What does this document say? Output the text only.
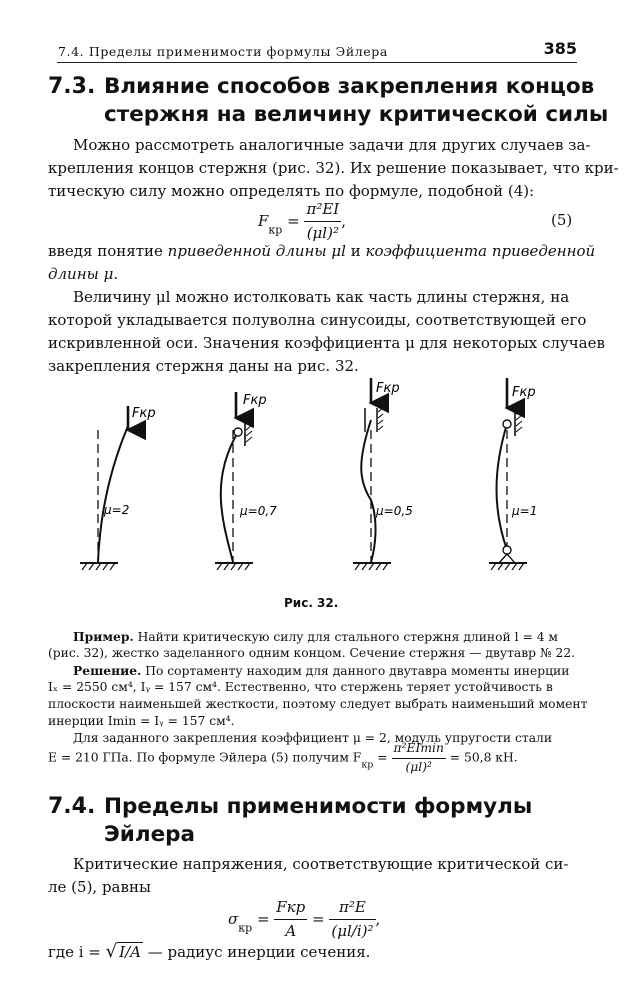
7.4. Пределы применимости формулы Эйлера	385
7.3. Влияние способов закрепления концов
стержня на величину критической силы
Можно рассмотреть аналогичные задачи для других случаев за-
крепления концов стержня (рис. 32). Их решение показывает, что кри-
тическую силу можно определять по формуле, подобной (4):
$F_{кр} = \frac{\text{π²EI}}{\text{(μl)²}}$ ,	(5)
введя понятие приведенной длины μl и коэффициента приведенной
длины μ.
Величину μl можно истолковать как часть длины стержня, на
которой укладывается полуволна синусоиды, соответствующей его
искривленной оси. Значения коэффициента μ для некоторых случаев
закрепления стержня даны на рис. 32.
Fкр
μ=2
Fкр
μ=0,7
Fкр
μ=0,5
Fкр
μ=1
Рис. 32.
Пример. Найти критическую силу для стального стержня длиной l = 4 м
(рис. 32), жестко заделанного одним концом. Сечение стержня — двутавр № 22.
Решение. По сортаменту находим для данного двутавра моменты инерции
Iₓ = 2550 см⁴, Iᵧ = 157 см⁴. Естественно, что стержень теряет устойчивость в
плоскости наименьшей жесткости, поэтому следует выбрать наименьший момент
инерции Imin = Iᵧ = 157 см⁴.
Для заданного закрепления коэффициент μ = 2, модуль упругости стали
E = 210 ГПа. По формуле Эйлера (5) получим $F_{кр} = \frac{\text{π²EImin}}{\text{(μl)²}} = 50,8$ кН.
7.4. Пределы применимости формулы
Эйлера
Критические напряжения, соответствующие критической си-
ле (5), равны
$\sigma_{кр} = \frac{\text{Fкр}}{A} = \frac{\text{π²E}}{\text{(μl/i)²}}$ ,
где i = √ I/A — радиус инерции сечения.
